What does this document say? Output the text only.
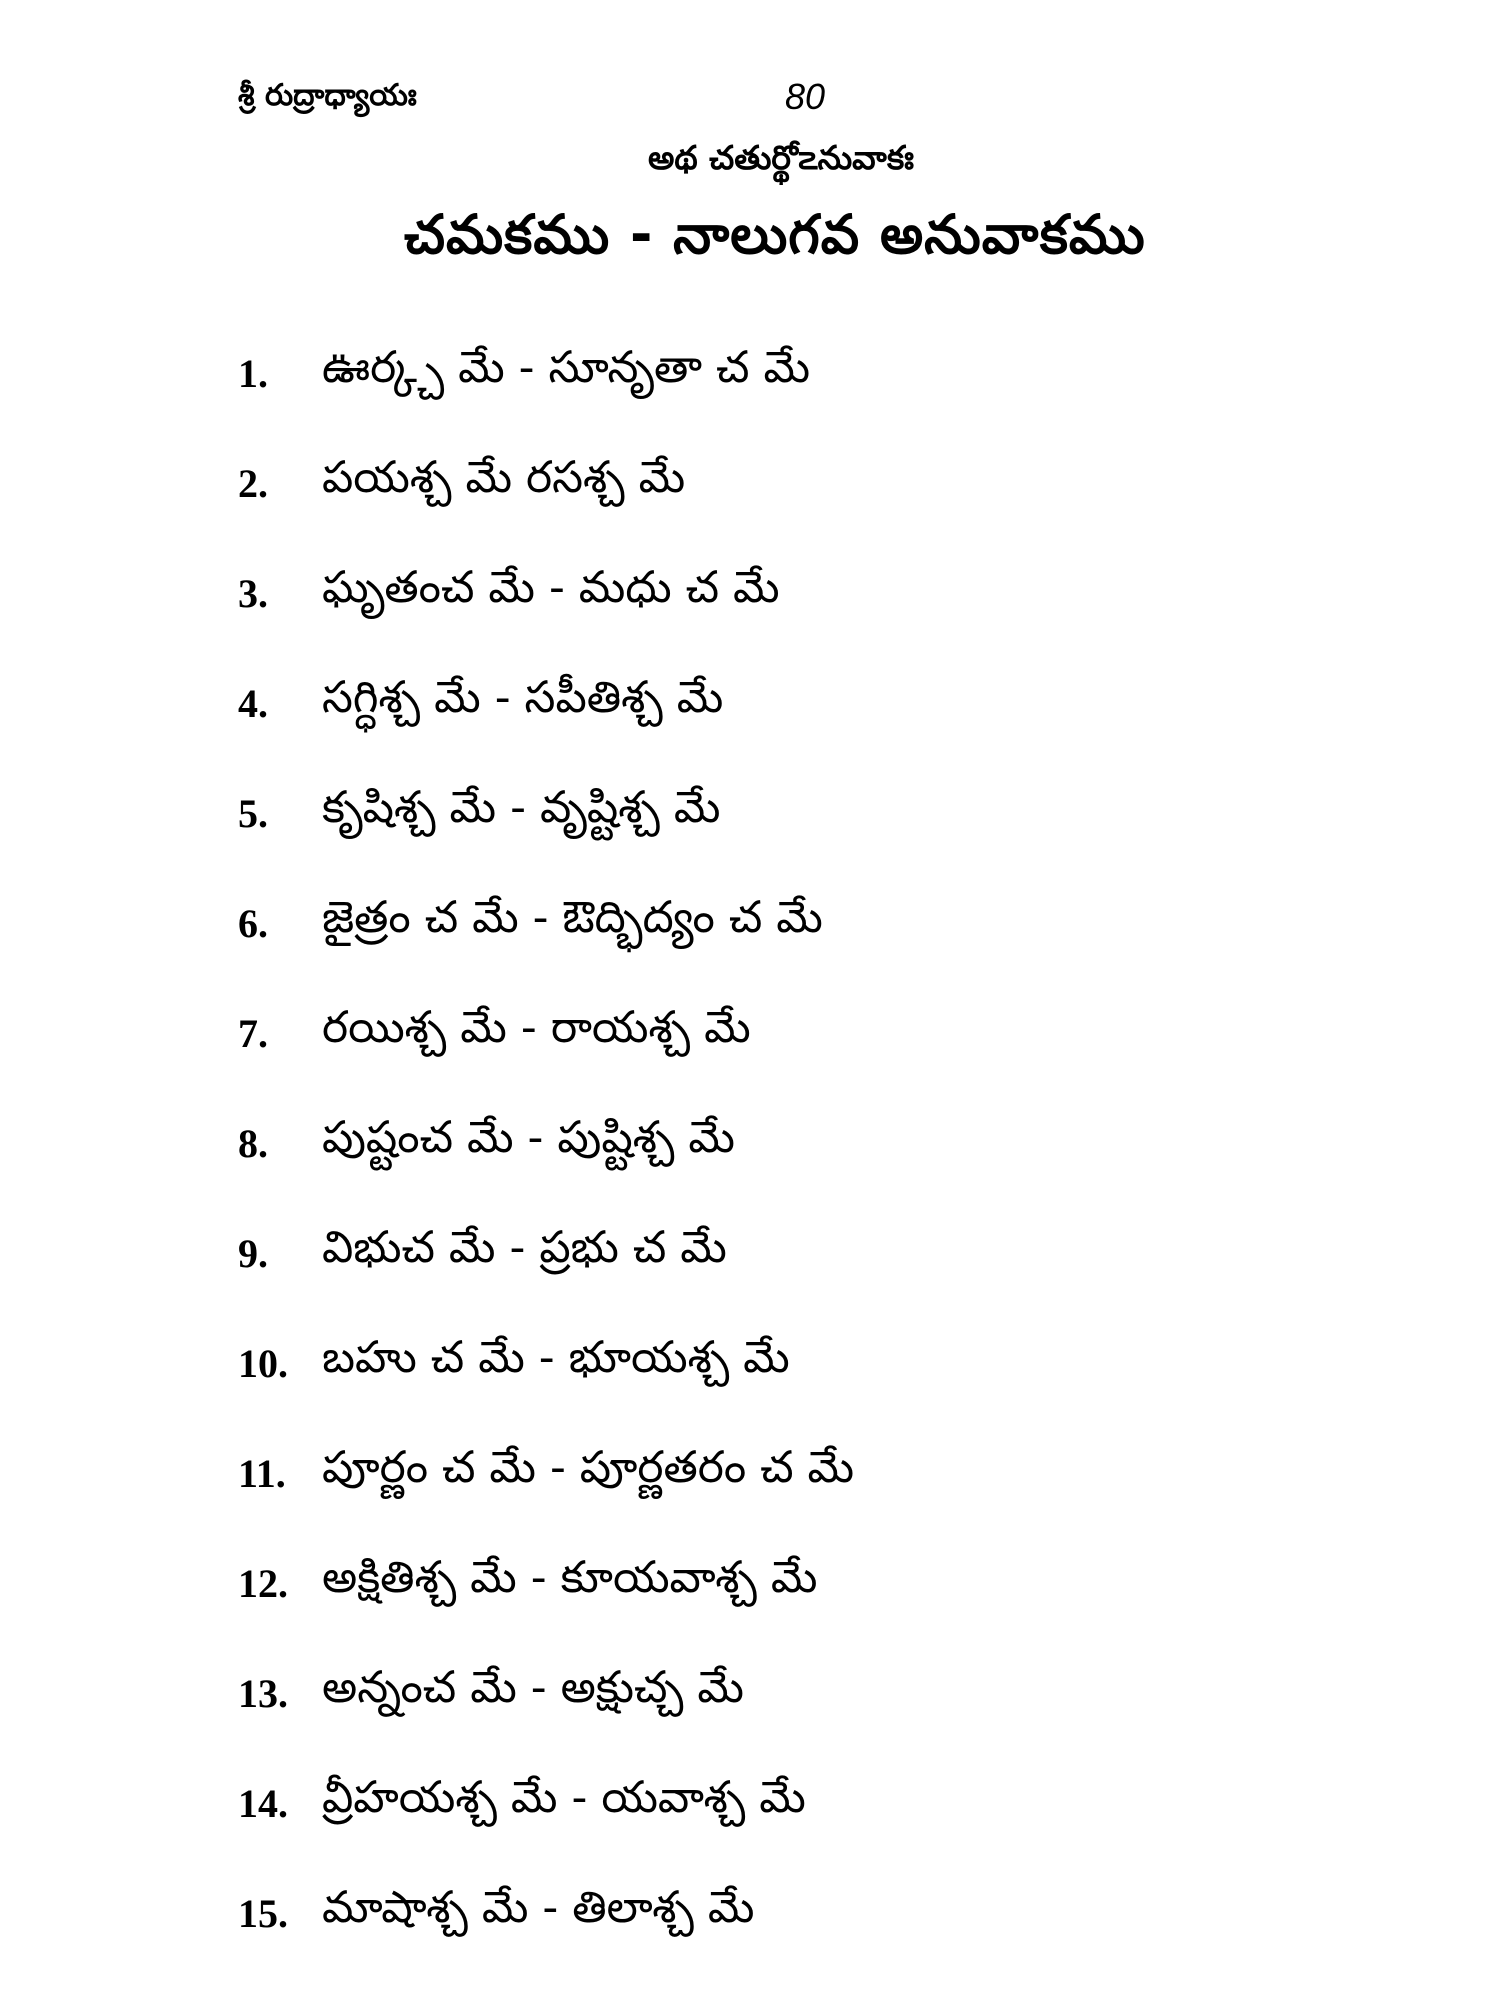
శ్రీ రుద్రాధ్యాయః	80
అథ చతుర్థో౽నువాకః
చమకము - నాలుగవ అనువాకము
1.	ఊర్క్చ మే - సూనృతా చ మే
2.	పయశ్చ మే రసశ్చ మే
3.	ఘృతంచ మే - మధు చ మే
4.	సగ్ధిశ్చ మే - సపీతిశ్చ మే
5.	కృషిశ్చ మే - వృష్టిశ్చ మే
6.	జైత్రం చ మే - ఔద్భిద్యం చ మే
7.	రయిశ్చ మే - రాయశ్చ మే
8.	పుష్టంచ మే - పుష్టిశ్చ మే
9.	విభుచ మే - ప్రభు చ మే
10. బహు చ మే - భూయశ్చ మే
11. పూర్ణం చ మే - పూర్ణతరం చ మే
12. అక్షితిశ్చ మే - కూయవాశ్చ మే
13. అన్నంచ మే - అక్షుచ్చ మే
14. వ్రీహయశ్చ మే - యవాశ్చ మే
15. మాషాశ్చ మే - తిలాశ్చ మే
